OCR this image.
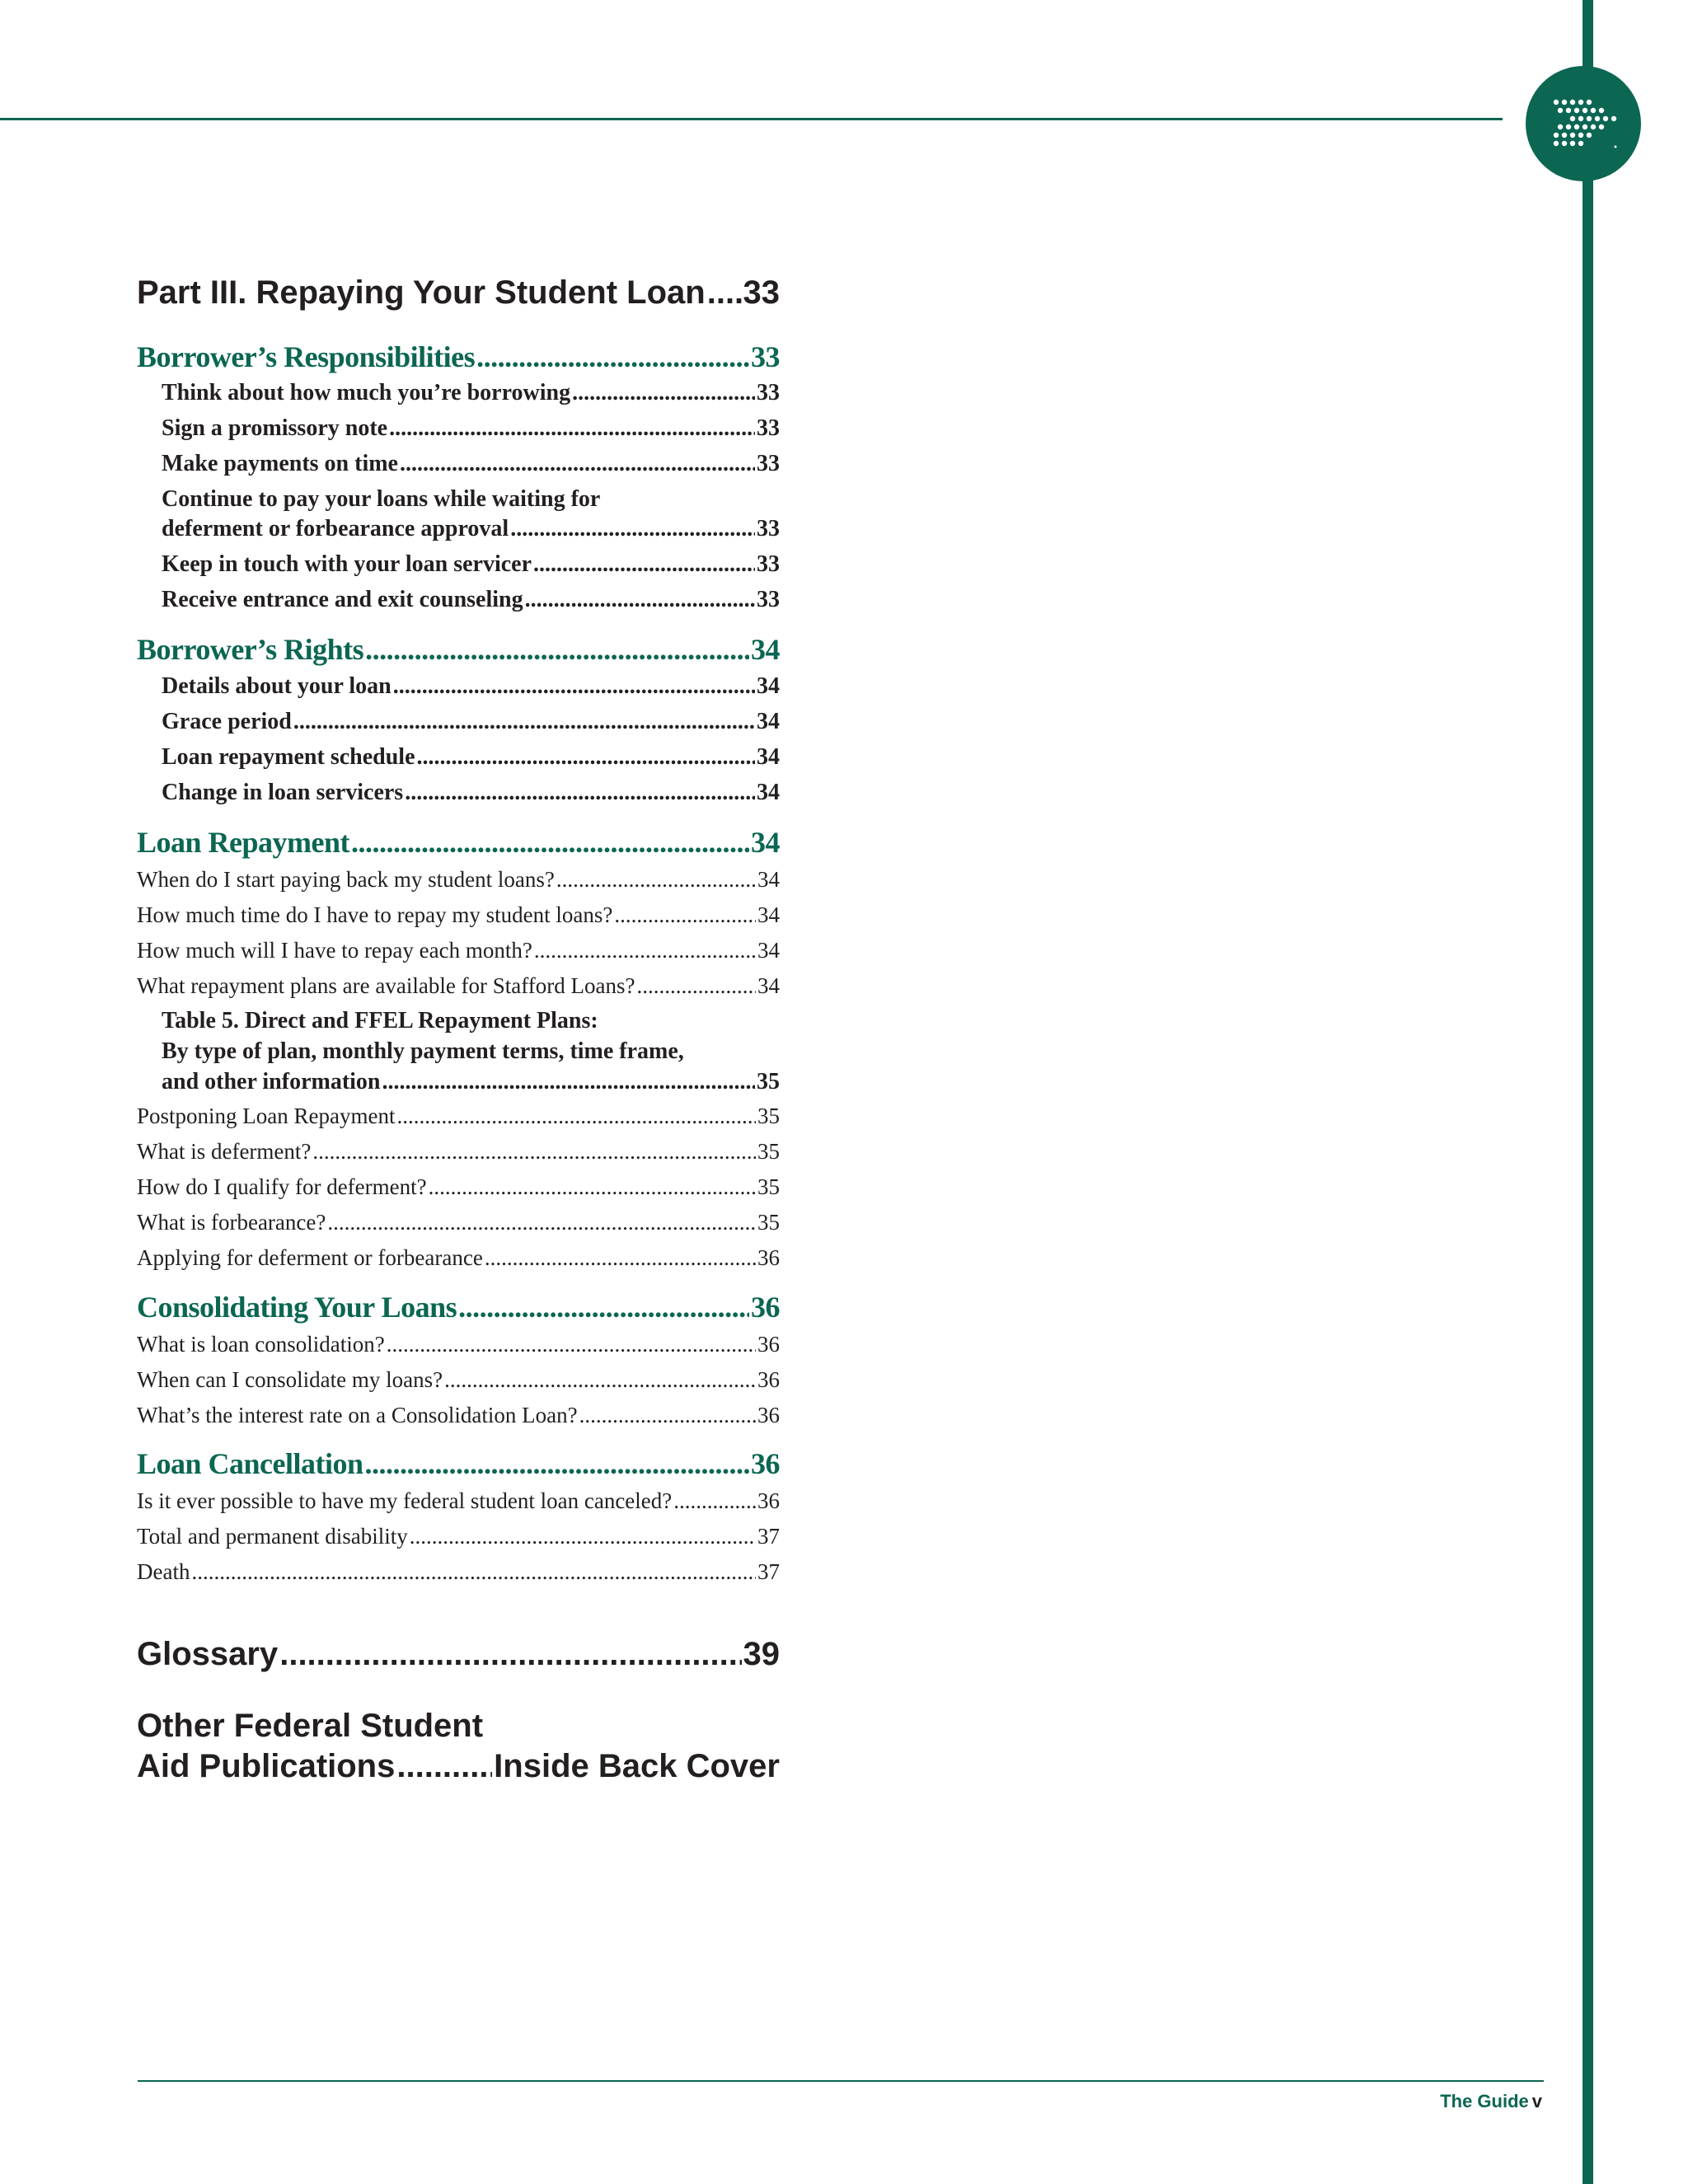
Part III. Repaying Your Student Loan ..... 33
Borrower’s Responsibilities .....	33
Think about how much you’re borrowing .....	33
Sign a promissory note .....	33
Make payments on time .....	33
Continue to pay your loans while waiting for
deferment or forbearance approval .....	33
Keep in touch with your loan servicer .....	33
Receive entrance and exit counseling .....	33
Borrower’s Rights .....	34
Details about your loan .....	34
Grace period .....	34
Loan repayment schedule .....	34
Change in loan servicers .....	34
Loan Repayment .....	34
When do I start paying back my student loans? .....	34
How much time do I have to repay my student loans? .....	34
How much will I have to repay each month? .....	34
What repayment plans are available for Stafford Loans? .....	34
Table 5. Direct and FFEL Repayment Plans:
By type of plan, monthly payment terms, time frame,
and other information .....	35
Postponing Loan Repayment .....	35
What is deferment? .....	35
How do I qualify for deferment? .....	35
What is forbearance? .....	35
Applying for deferment or forbearance .....	36
Consolidating Your Loans .....	36
What is loan consolidation? .....	36
When can I consolidate my loans? .....	36
What’s the interest rate on a Consolidation Loan? .....	36
Loan Cancellation .....	36
Is it ever possible to have my federal student loan canceled? .....	36
Total and permanent disability .....	37
Death .....	37
Glossary .....	39
Other Federal Student
Aid Publications .....	Inside Back Cover
The Guide v
